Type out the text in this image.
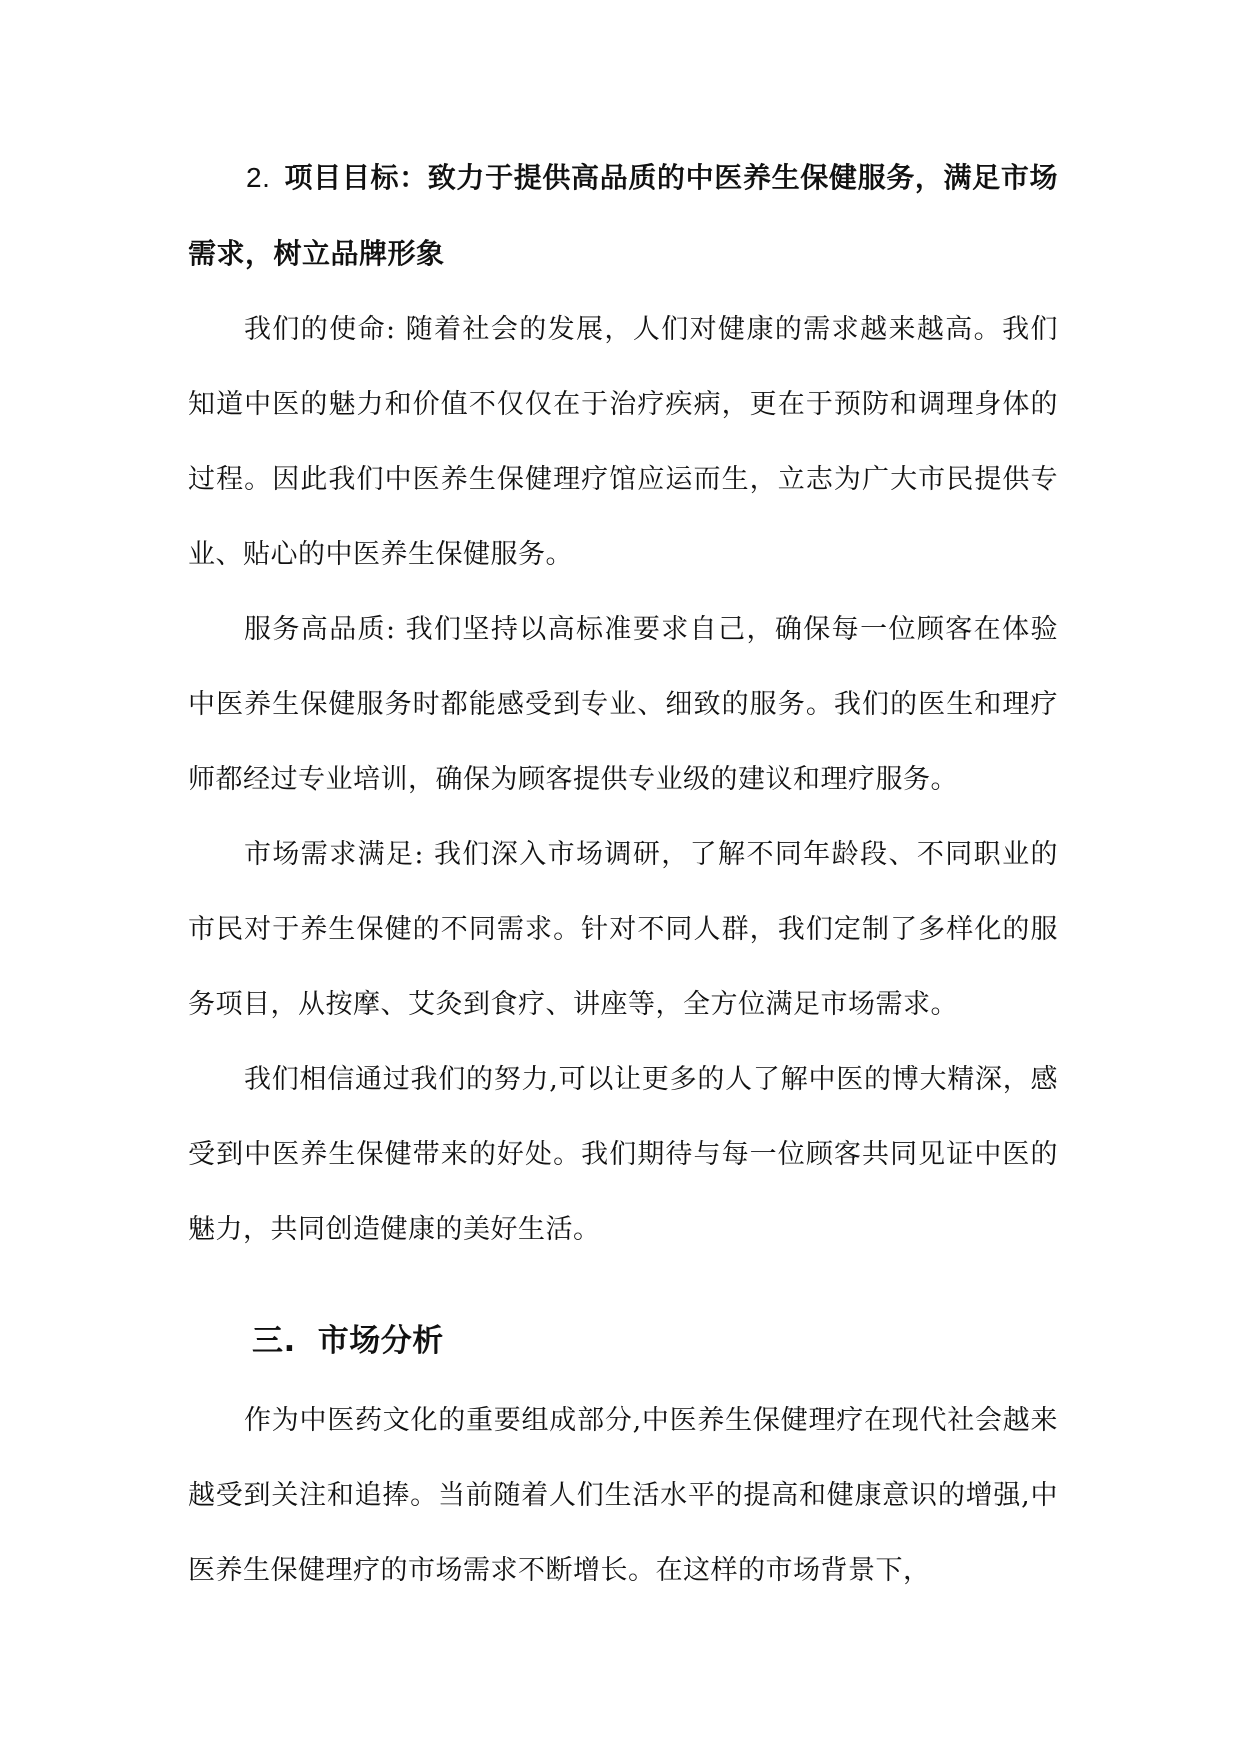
2. 项目目标：致力于提供高品质的中医养生保健服务，满足市场需求，树立品牌形象

我们的使命: 随着社会的发展，人们对健康的需求越来越高。我们知道中医的魅力和价值不仅仅在于治疗疾病，更在于预防和调理身体的过程。因此我们中医养生保健理疗馆应运而生，立志为广大市民提供专业、贴心的中医养生保健服务。

服务高品质: 我们坚持以高标准要求自己，确保每一位顾客在体验中医养生保健服务时都能感受到专业、细致的服务。我们的医生和理疗师都经过专业培训，确保为顾客提供专业级的建议和理疗服务。

市场需求满足: 我们深入市场调研，了解不同年龄段、不同职业的市民对于养生保健的不同需求。针对不同人群，我们定制了多样化的服务项目，从按摩、艾灸到食疗、讲座等，全方位满足市场需求。

我们相信通过我们的努力,可以让更多的人了解中医的博大精深，感受到中医养生保健带来的好处。我们期待与每一位顾客共同见证中医的魅力，共同创造健康的美好生活。

三. 市场分析

作为中医药文化的重要组成部分,中医养生保健理疗在现代社会越来越受到关注和追捧。当前随着人们生活水平的提高和健康意识的增强,中医养生保健理疗的市场需求不断增长。在这样的市场背景下，
